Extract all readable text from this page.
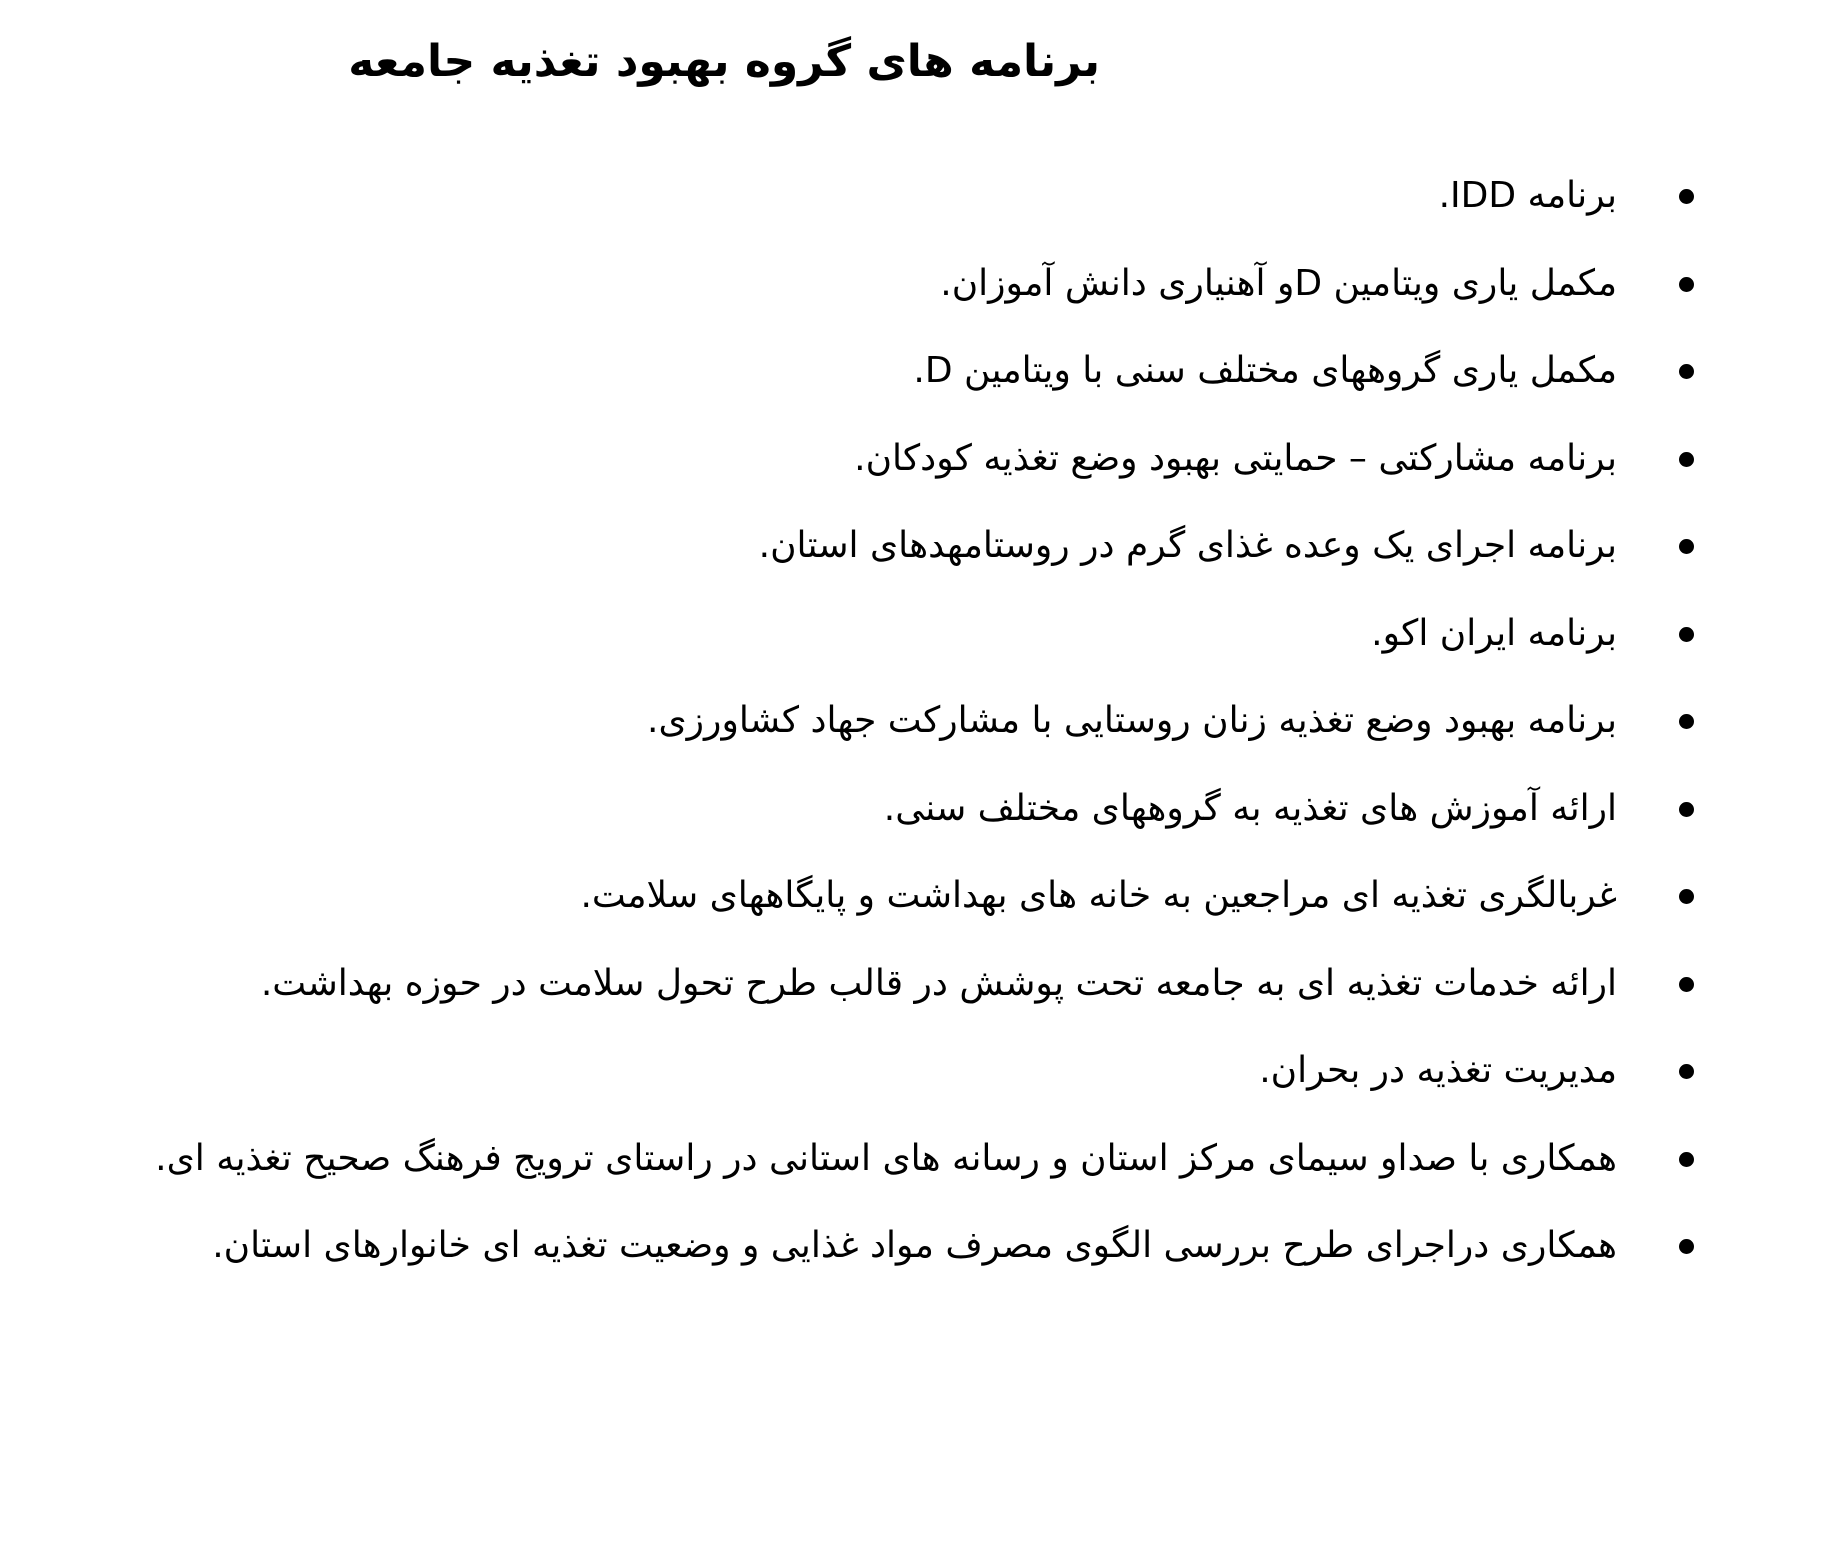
برنامه های گروه بهبود تغذیه جامعه
برنامه IDD.
مکمل یاری ویتامین Dو آهنیاری دانش آموزان.
مکمل یاری گروههای مختلف سنی با ویتامین D.
برنامه مشارکتی – حمایتی بهبود وضع تغذیه کودکان.
برنامه اجرای یک وعده غذای گرم در روستامهدهای استان.
برنامه ایران اکو.
برنامه بهبود وضع تغذیه زنان روستایی با مشارکت جهاد کشاورزی.
ارائه آموزش های تغذیه به گروههای مختلف سنی.
غربالگری تغذیه ای مراجعین به خانه های بهداشت و پایگاههای سلامت.
ارائه خدمات تغذیه ای به جامعه تحت پوشش در قالب طرح تحول سلامت در حوزه بهداشت.
مدیریت تغذیه در بحران.
همکاری با صداو سیمای مرکز استان و رسانه های استانی در راستای ترویج فرهنگ صحیح تغذیه ای.
همکاری دراجرای طرح بررسی الگوی مصرف مواد غذایی و وضعیت تغذیه ای خانوارهای استان.
